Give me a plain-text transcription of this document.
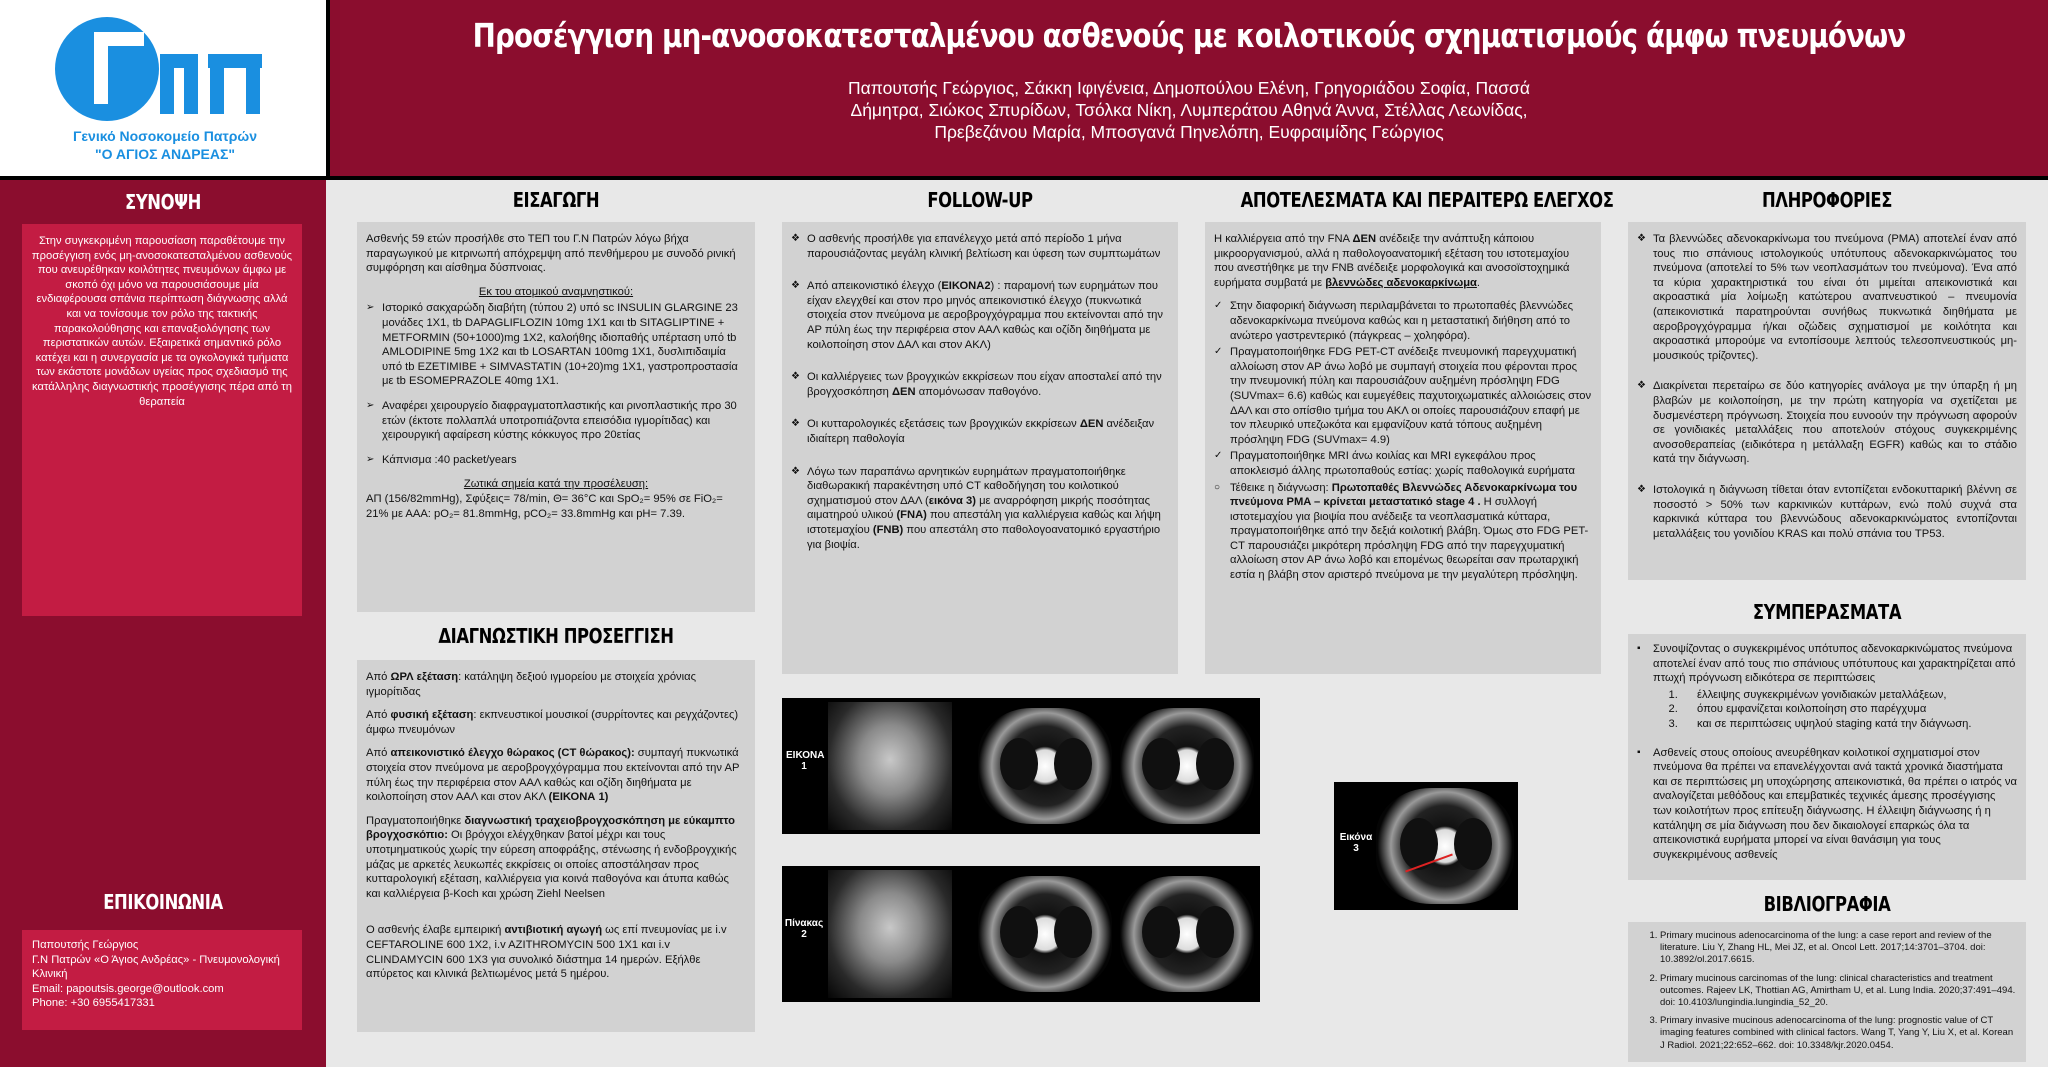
Γενικό Νοσοκομείο Πατρών
"Ο ΑΓΙΟΣ ΑΝΔΡΕΑΣ"
Προσέγγιση μη-ανοσοκατεσταλμένου ασθενούς με κοιλοτικούς σχηματισμούς άμφω πνευμόνων
Παπουτσής Γεώργιος, Σάκκη Ιφιγένεια, Δημοπούλου Ελένη, Γρηγοριάδου Σοφία, Πασσά
Δήμητρα, Σιώκος Σπυρίδων, Τσόλκα Νίκη, Λυμπεράτου Αθηνά Άννα, Στέλλας Λεωνίδας,
Πρεβεζάνου Μαρία, Μποσγανά Πηνελόπη, Ευφραιμίδης Γεώργιος
ΣΥΝΟΨΗ
Στην συγκεκριμένη παρουσίαση παραθέτουμε την προσέγγιση ενός μη-ανοσοκατεσταλμένου ασθενούς που ανευρέθηκαν κοιλότητες πνευμόνων άμφω με σκοπό όχι μόνο να παρουσιάσουμε μία ενδιαφέρουσα σπάνια περίπτωση διάγνωσης αλλά και να τονίσουμε τον ρόλο της τακτικής παρακολούθησης και επαναξιολόγησης των περιστατικών αυτών. Εξαιρετικά σημαντικό ρόλο κατέχει και η συνεργασία με τα ογκολογικά τμήματα των εκάστοτε μονάδων υγείας προς σχεδιασμό της κατάλληλης διαγνωστικής προσέγγισης πέρα από τη θεραπεία
ΕΠΙΚΟΙΝΩΝΙΑ
Παπουτσής Γεώργιος
Γ.Ν Πατρών «Ο Άγιος Ανδρέας» - Πνευμονολογική Κλινική
Email: papoutsis.george@outlook.com
Phone: +30 6955417331
ΕΙΣΑΓΩΓΗ

Ασθενής 59 ετών προσήλθε στο ΤΕΠ του Γ.Ν Πατρών λόγω βήχα παραγωγικού με κιτρινωπή απόχρεμψη από πενθήμερου με συνοδό ρινική συμφόρηση και αίσθημα δύσπνοιας.

Εκ του ατομικού αναμνηστικού:

➢ Ιστορικό σακχαρώδη διαβήτη (τύπου 2) υπό sc INSULIN GLARGINE 23 μονάδες 1Χ1, tb DAPAGLIFLOZIN 10mg 1X1 και tb SITAGLIPTINE + METFORMIN (50+1000)mg 1X2, καλοήθης ιδιοπαθής υπέρταση υπό tb AMLODIPINE 5mg 1X2 και tb LOSARTAN 100mg 1X1, δυσλιπιδαιμία υπό tb EZETIMIBE + SIMVASTATIN (10+20)mg 1X1, γαστροπροστασία με tb ESOMEPRAZOLE 40mg 1X1.
➢ Αναφέρει χειρουργείο διαφραγματοπλαστικής και ρινοπλαστικής προ 30 ετών (έκτοτε πολλαπλά υποτροπιάζοντα επεισόδια ιγμορίτιδας) και χειρουργική αφαίρεση κύστης κόκκυγος προ 20ετίας
➢ Κάπνισμα :40 packet/years

Ζωτικά σημεία κατά την προσέλευση:

ΑΠ (156/82mmHg), Σφύξεις= 78/min, Θ= 36°C και SpO₂= 95% σε FiO₂= 21% με ΑΑΑ: pO₂= 81.8mmHg, pCO₂= 33.8mmHg και pH= 7.39.

ΔΙΑΓΝΩΣΤΙΚΗ ΠΡΟΣΕΓΓΙΣΗ

Από ΩΡΛ εξέταση: κατάληψη δεξιού ιγμορείου με στοιχεία χρόνιας ιγμορίτιδας

Από φυσική εξέταση: εκπνευστικοί μουσικοί (συρρίτοντες και ρεγχάζοντες) άμφω πνευμόνων

Από απεικονιστικό έλεγχο θώρακος (CT θώρακος): συμπαγή πυκνωτικά στοιχεία στον πνεύμονα με αεροβρογχόγραμμα που εκτείνονται από την ΑΡ πύλη έως την περιφέρεια στον ΑΑΛ καθώς και οζίδη διηθήματα με κοιλοποίηση στον ΑΑΛ και στον ΑΚΛ (ΕΙΚΟΝΑ 1)

Πραγματοποιήθηκε διαγνωστική τραχειοβρογχοσκόπηση με εύκαμπτο βρογχοσκόπιο: Οι βρόγχοι ελέγχθηκαν βατοί μέχρι και τους υποτμηματικούς χωρίς την εύρεση αποφράξης, στένωσης ή ενδοβρογχικής μάζας με αρκετές λευκωπές εκκρίσεις οι οποίες αποστάλησαν προς κυτταρολογική εξέταση, καλλιέργεια για κοινά παθογόνα και άτυπα καθώς και καλλιέργεια β-Koch και χρώση Ziehl Neelsen

Ο ασθενής έλαβε εμπειρική αντιβιοτική αγωγή ως επί πνευμονίας με i.v CEFTAROLINE 600 1X2, i.v AZITHROMYCIN 500 1X1 και i.v CLINDAMYCIN 600 1X3 για συνολικό διάστημα 14 ημερών. Εξήλθε απύρετος και κλινικά βελτιωμένος μετά 5 ημέρου.

FOLLOW-UP
❖ Ο ασθενής προσήλθε για επανέλεγχο μετά από περίοδο 1 μήνα παρουσιάζοντας μεγάλη κλινική βελτίωση και ύφεση των συμπτωμάτων
❖ Από απεικονιστικό έλεγχο (ΕΙΚΟΝΑ2) : παραμονή των ευρημάτων που είχαν ελεγχθεί και στον προ μηνός απεικονιστικό έλεγχο (πυκνωτικά στοιχεία στον πνεύμονα με αεροβρογχόγραμμα που εκτείνονται από την ΑΡ πύλη έως την περιφέρεια στον ΑΑΛ καθώς και οζίδη διηθήματα με κοιλοποίηση στον ΔΑΛ και στον ΑΚΛ)
❖ Οι καλλιέργειες των βρογχικών εκκρίσεων που είχαν αποσταλεί από την βρογχοσκόπηση ΔΕΝ απομόνωσαν παθογόνο.
❖ Οι κυτταρολογικές εξετάσεις των βρογχικών εκκρίσεων ΔΕΝ ανέδειξαν ιδιαίτερη παθολογία
❖ Λόγω των παραπάνω αρνητικών ευρημάτων πραγματοποιήθηκε διαθωρακική παρακέντηση υπό CT καθοδήγηση του κοιλοτικού σχηματισμού στον ΔΑΛ (εικόνα 3) με αναρρόφηση μικρής ποσότητας αιματηρού υλικού (FNA) που απεστάλη για καλλιέργεια καθώς και λήψη ιστοτεμαχίου (FNB) που απεστάλη στο παθολογοανατομικό εργαστήριο για βιοψία.
ΕΙΚΟΝΑ
1
Πίνακας
2
ΑΠΟΤΕΛΕΣΜΑΤΑ ΚΑΙ ΠΕΡΑΙΤΕΡΩ ΕΛΕΓΧΟΣ

Η καλλιέργεια από την FNA ΔΕΝ ανέδειξε την ανάπτυξη κάποιου μικροοργανισμού, αλλά η παθολογοανατομική εξέταση του ιστοτεμαχίου που ανεστήθηκε με την FNB ανέδειξε μορφολογικά και ανοσοϊστοχημικά ευρήματα συμβατά με βλεννώδες αδενοκαρκίνωμα.

✓ Στην διαφορική διάγνωση περιλαμβάνεται το πρωτοπαθές βλεννώδες αδενοκαρκίνωμα πνεύμονα καθώς και η μεταστατική διήθηση από το ανώτερο γαστρεντερικό (πάγκρεας – χοληφόρα).
✓ Πραγματοποιήθηκε FDG PET-CT ανέδειξε πνευμονική παρεγχυματική αλλοίωση στον ΑΡ άνω λοβό με συμπαγή στοιχεία που φέρονται προς την πνευμονική πύλη και παρουσιάζουν αυξημένη πρόσληψη FDG (SUVmax= 6.6) καθώς και ευμεγέθεις παχυτοιχωματικές αλλοιώσεις στον ΔΑΛ και στο οπίσθιο τμήμα του ΑΚΛ οι οποίες παρουσιάζουν επαφή με τον πλευρικό υπεζωκότα και εμφανίζουν κατά τόπους αυξημένη πρόσληψη FDG (SUVmax= 4.9)
✓ Πραγματοποιήθηκε MRI άνω κοιλίας και MRI εγκεφάλου προς αποκλεισμό άλλης πρωτοπαθούς εστίας: χωρίς παθολογικά ευρήματα
○ Τέθεικε η διάγνωση: Πρωτοπαθές Βλεννώδες Αδενοκαρκίνωμα του πνεύμονα PMA – κρίνεται μεταστατικό stage 4 . Η συλλογή ιστοτεμαχίου για βιοψία που ανέδειξε τα νεοπλασματικά κύτταρα, πραγματοποιήθηκε από την δεξιά κοιλοτική βλάβη. Όμως στο FDG PET-CT παρουσιάζει μικρότερη πρόσληψη FDG από την παρεγχυματική αλλοίωση στον ΑΡ άνω λοβό και επομένως θεωρείται σαν πρωταρχική εστία η βλάβη στον αριστερό πνεύμονα με την μεγαλύτερη πρόσληψη.
Εικόνα
3
ΠΛΗΡΟΦΟΡΙΕΣ
❖ Τα βλεννώδες αδενοκαρκίνωμα του πνεύμονα (PMA) αποτελεί έναν από τους πιο σπάνιους ιστολογικούς υπότυπους αδενοκαρκινώματος του πνεύμονα (αποτελεί το 5% των νεοπλασμάτων του πνεύμονα). Ένα από τα κύρια χαρακτηριστικά του είναι ότι μιμείται απεικονιστικά και ακροαστικά μία λοίμωξη κατώτερου αναπνευστικού – πνευμονία (απεικονιστικά παρατηρούνται συνήθως πυκνωτικά διηθήματα με αεροβρογχόγραμμα ή/και οζώδεις σχηματισμοί με κοιλότητα και ακροαστικά μπορούμε να εντοπίσουμε λεπτούς τελεσοπνευστικούς μη-μουσικούς τρίζοντες).
❖ Διακρίνεται περεταίρω σε δύο κατηγορίες ανάλογα με την ύπαρξη ή μη βλαβών με κοιλοποίηση, με την πρώτη κατηγορία να σχετίζεται με δυσμενέστερη πρόγνωση. Στοιχεία που ευνοούν την πρόγνωση αφορούν σε γονιδιακές μεταλλάξεις που αποτελούν στόχους συγκεκριμένης ανοσοθεραπείας (ειδικότερα η μετάλλαξη EGFR) καθώς και το στάδιο κατά την διάγνωση.
❖ Ιστολογικά η διάγνωση τίθεται όταν εντοπίζεται ενδοκυτταρική βλέννη σε ποσοστό > 50% των καρκινικών κυττάρων, ενώ πολύ συχνά στα καρκινικά κύτταρα του βλεννώδους αδενοκαρκινώματος εντοπίζονται μεταλλάξεις του γονιδίου KRAS και πολύ σπάνια του TP53.
ΣΥΜΠΕΡΑΣΜΑΤΑ
▪ Συνοψίζοντας ο συγκεκριμένος υπότυπος αδενοκαρκινώματος πνεύμονα αποτελεί έναν από τους πιο σπάνιους υπότυπους και χαρακτηρίζεται από πτωχή πρόγνωση ειδικότερα σε περιπτώσεις
1. έλλειψης συγκεκριμένων γονιδιακών μεταλλάξεων,
2. όπου εμφανίζεται κοιλοποίηση στο παρέγχυμα
3. και σε περιπτώσεις υψηλού staging κατά την διάγνωση.
▪ Ασθενείς στους οποίους ανευρέθηκαν κοιλοτικοί σχηματισμοί στον πνεύμονα θα πρέπει να επανελέγχονται ανά τακτά χρονικά διαστήματα και σε περιπτώσεις μη υποχώρησης απεικονιστικά, θα πρέπει ο ιατρός να αναλογίζεται μεθόδους και επεμβατικές τεχνικές άμεσης προσέγγισης των κοιλοτήτων προς επίτευξη διάγνωσης. Η έλλειψη διάγνωσης ή η κατάληψη σε μία διάγνωση που δεν δικαιολογεί επαρκώς όλα τα απεικονιστικά ευρήματα μπορεί να είναι θανάσιμη για τους συγκεκριμένους ασθενείς
ΒΙΒΛΙΟΓΡΑΦΙΑ
1. Primary mucinous adenocarcinoma of the lung: a case report and review of the literature. Liu Y, Zhang HL, Mei JZ, et al. Oncol Lett. 2017;14:3701–3704. doi: 10.3892/ol.2017.6615.
2. Primary mucinous carcinomas of the lung: clinical characteristics and treatment outcomes. Rajeev LK, Thottian AG, Amirtham U, et al. Lung India. 2020;37:491–494. doi: 10.4103/lungindia.lungindia_52_20.
3. Primary invasive mucinous adenocarcinoma of the lung: prognostic value of CT imaging features combined with clinical factors. Wang T, Yang Y, Liu X, et al. Korean J Radiol. 2021;22:652–662. doi: 10.3348/kjr.2020.0454.
